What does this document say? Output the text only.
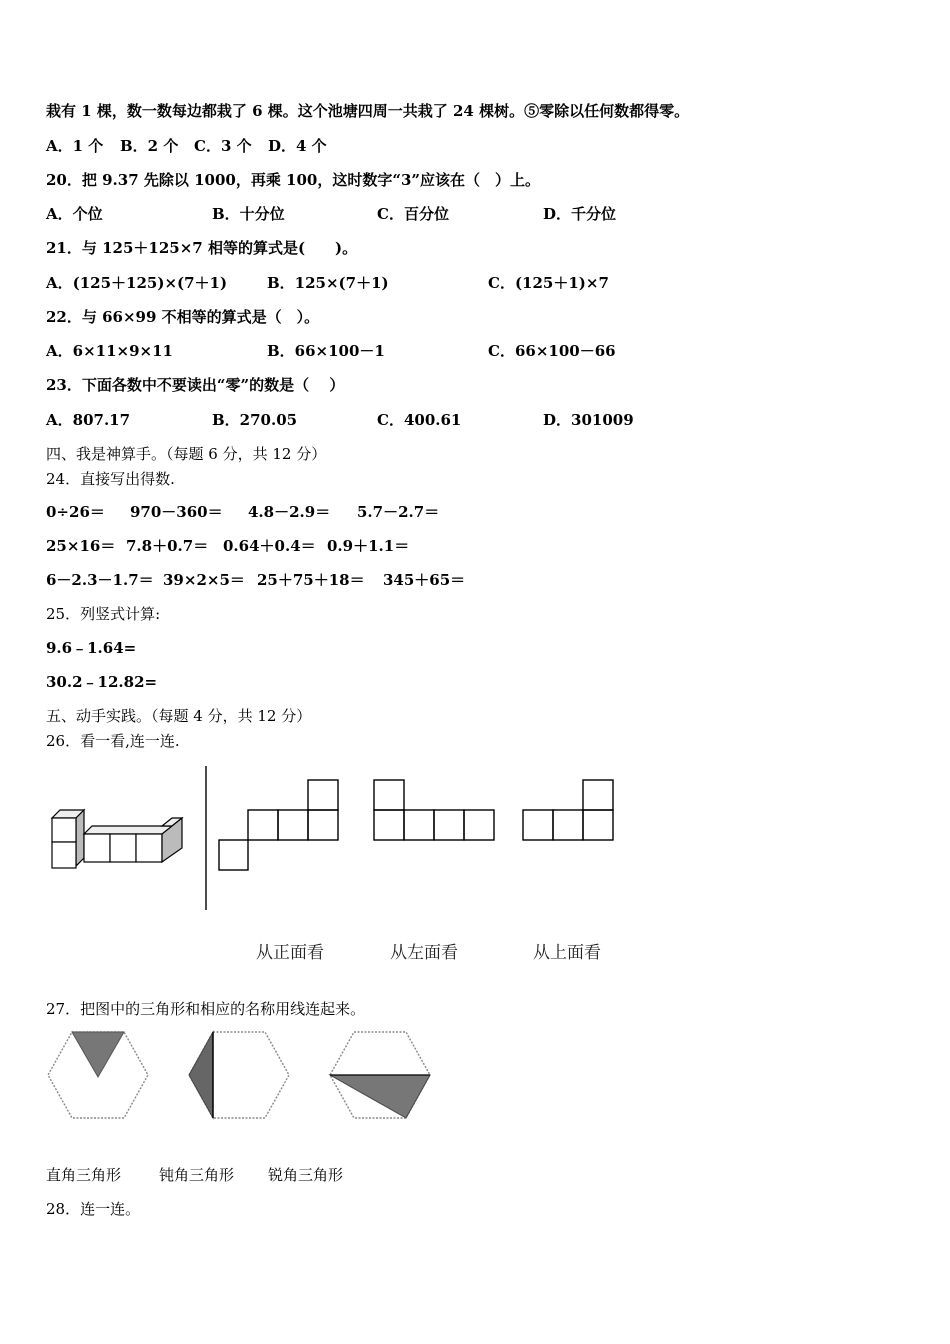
栽有 1 棵，数一数每边都栽了 6 棵。这个池塘四周一共栽了 24 棵树。⑤零除以任何数都得零。
A．1 个 B．2 个 C．3 个 D．4 个
20．把 9.37 先除以 1000，再乘 100，这时数字“3”应该在（　）上。
A．个位	B．十分位	C．百分位	D．千分位
21．与 125＋125×7 相等的算式是(　　)。
A．(125＋125)×(7＋1)	B．125×(7＋1)	C．(125＋1)×7
22．与 66×99 不相等的算式是（　）。
A．6×11×9×11	B．66×100－1	C．66×100－66
23．下面各数中不要读出“零”的数是（　 ）
A．807.17	B．270.05	C．400.61	D．301009
四、我是神算手。（每题 6 分，共 12 分）
24．直接写出得数.
0÷26＝ 970－360＝ 4.8－2.9＝ 5.7－2.7＝
25×16＝ 7.8＋0.7＝ 0.64＋0.4＝ 0.9＋1.1＝
6－2.3－1.7＝ 39×2×5＝ 25＋75＋18＝ 345＋65＝
25．列竖式计算:
9.6﹣1.64=
30.2﹣12.82=
五、动手实践。（每题 4 分，共 12 分）
26．看一看,连一连.
从正面看	从左面看	从上面看
27．把图中的三角形和相应的名称用线连起来。
直角三角形	钝角三角形 锐角三角形
28．连一连。
